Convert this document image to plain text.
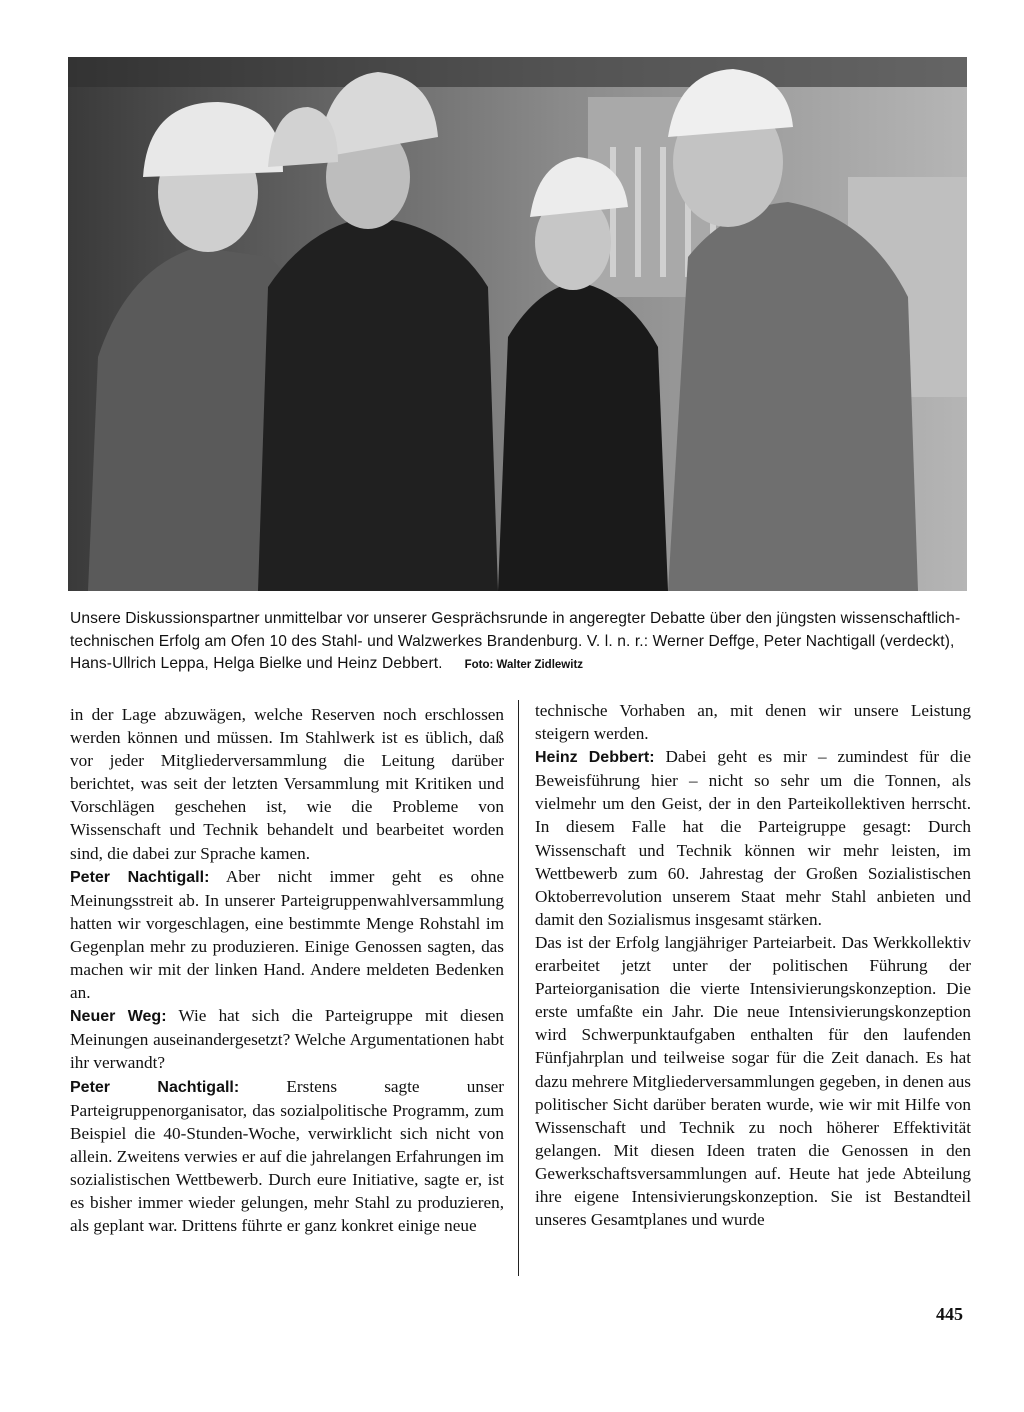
Unsere Diskussionspartner unmittelbar vor unserer Gesprächsrunde in angeregter Debatte über den jüngsten wissenschaftlich-technischen Erfolg am Ofen 10 des Stahl- und Walzwerkes Brandenburg. V. l. n. r.: Werner Deffge, Peter Nachtigall (verdeckt), Hans-Ullrich Leppa, Helga Bielke und Heinz Debbert. Foto: Walter Zidlewitz

in der Lage abzuwägen, welche Reserven noch erschlossen werden können und müssen. Im Stahlwerk ist es üblich, daß vor jeder Mitgliederversammlung die Leitung darüber berichtet, was seit der letzten Versammlung mit Kritiken und Vorschlägen geschehen ist, wie die Probleme von Wissenschaft und Technik behandelt und bearbeitet worden sind, die dabei zur Sprache kamen.

Peter Nachtigall: Aber nicht immer geht es ohne Meinungsstreit ab. In unserer Parteigruppenwahlversammlung hatten wir vorgeschlagen, eine bestimmte Menge Rohstahl im Gegenplan mehr zu produzieren. Einige Genossen sagten, das machen wir mit der linken Hand. Andere meldeten Bedenken an.

Neuer Weg: Wie hat sich die Parteigruppe mit diesen Meinungen auseinandergesetzt? Welche Argumentationen habt ihr verwandt?

Peter Nachtigall:	Erstens sagte unser Parteigruppenorganisator, das sozialpolitische Programm, zum Beispiel die 40-Stunden-Woche, verwirklicht sich nicht von allein. Zweitens verwies er auf die jahrelangen Erfahrungen im sozialistischen Wettbewerb. Durch eure Initiative, sagte er, ist es bisher immer wieder gelungen, mehr Stahl zu produzieren, als geplant war. Drittens führte er ganz konkret einige neue

technische Vorhaben an, mit denen wir unsere Leistung steigern werden.

Heinz Debbert: Dabei geht es mir – zumindest für die Beweisführung hier – nicht so sehr um die Tonnen, als vielmehr um den Geist, der in den Parteikollektiven herrscht. In diesem Falle hat die Parteigruppe gesagt: Durch Wissenschaft und Technik können wir mehr leisten, im Wettbewerb zum 60. Jahrestag der Großen Sozialistischen Oktoberrevolution unserem Staat mehr Stahl anbieten und damit den Sozialismus insgesamt stärken.

Das ist der Erfolg langjähriger Parteiarbeit. Das Werkkollektiv erarbeitet jetzt unter der politischen Führung der Parteiorganisation die vierte Intensivierungskonzeption. Die erste umfaßte ein Jahr. Die neue Intensivierungskonzeption wird Schwerpunktaufgaben enthalten für den laufenden Fünfjahrplan und teilweise sogar für die Zeit danach. Es hat dazu mehrere Mitgliederversammlungen gegeben, in denen aus politischer Sicht darüber beraten wurde, wie wir mit Hilfe von Wissenschaft und Technik zu noch höherer Effektivität gelangen. Mit diesen Ideen traten die Genossen in den Gewerkschaftsversammlungen auf. Heute hat jede Abteilung ihre eigene Intensivierungskonzeption. Sie ist Bestandteil unseres Gesamtplanes und wurde

445
